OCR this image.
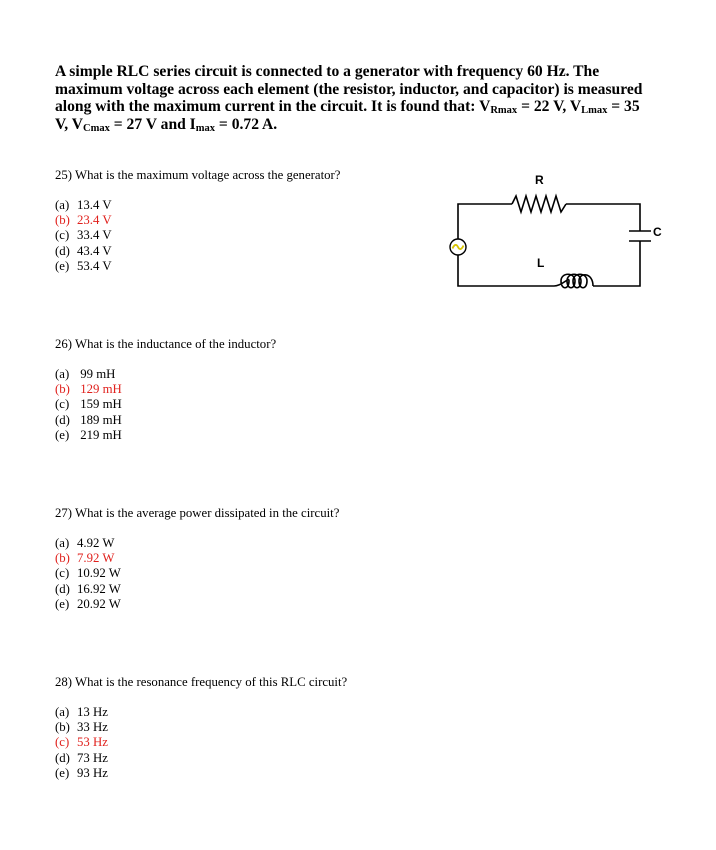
A simple RLC series circuit is connected to a generator with frequency 60 Hz. The maximum voltage across each element (the resistor, inductor, and capacitor) is measured along with the maximum current in the circuit. It is found that: $V_{Rmax} = 22$ V, $V_{Lmax} = 35$ V, $V_{Cmax} = 27$ V and $I_{max} = 0.72$ A.
R
L
C
25) What is the maximum voltage across the generator?
(a) 13.4 V
(b) 23.4 V
(c) 33.4 V
(d) 43.4 V
(e) 53.4 V
26) What is the inductance of the inductor?
(a) 99 mH
(b) 129 mH
(c) 159 mH
(d) 189 mH
(e) 219 mH
27) What is the average power dissipated in the circuit?
(a) 4.92 W
(b) 7.92 W
(c) 10.92 W
(d) 16.92 W
(e) 20.92 W
28) What is the resonance frequency of this RLC circuit?
(a) 13 Hz
(b) 33 Hz
(c) 53 Hz
(d) 73 Hz
(e) 93 Hz
